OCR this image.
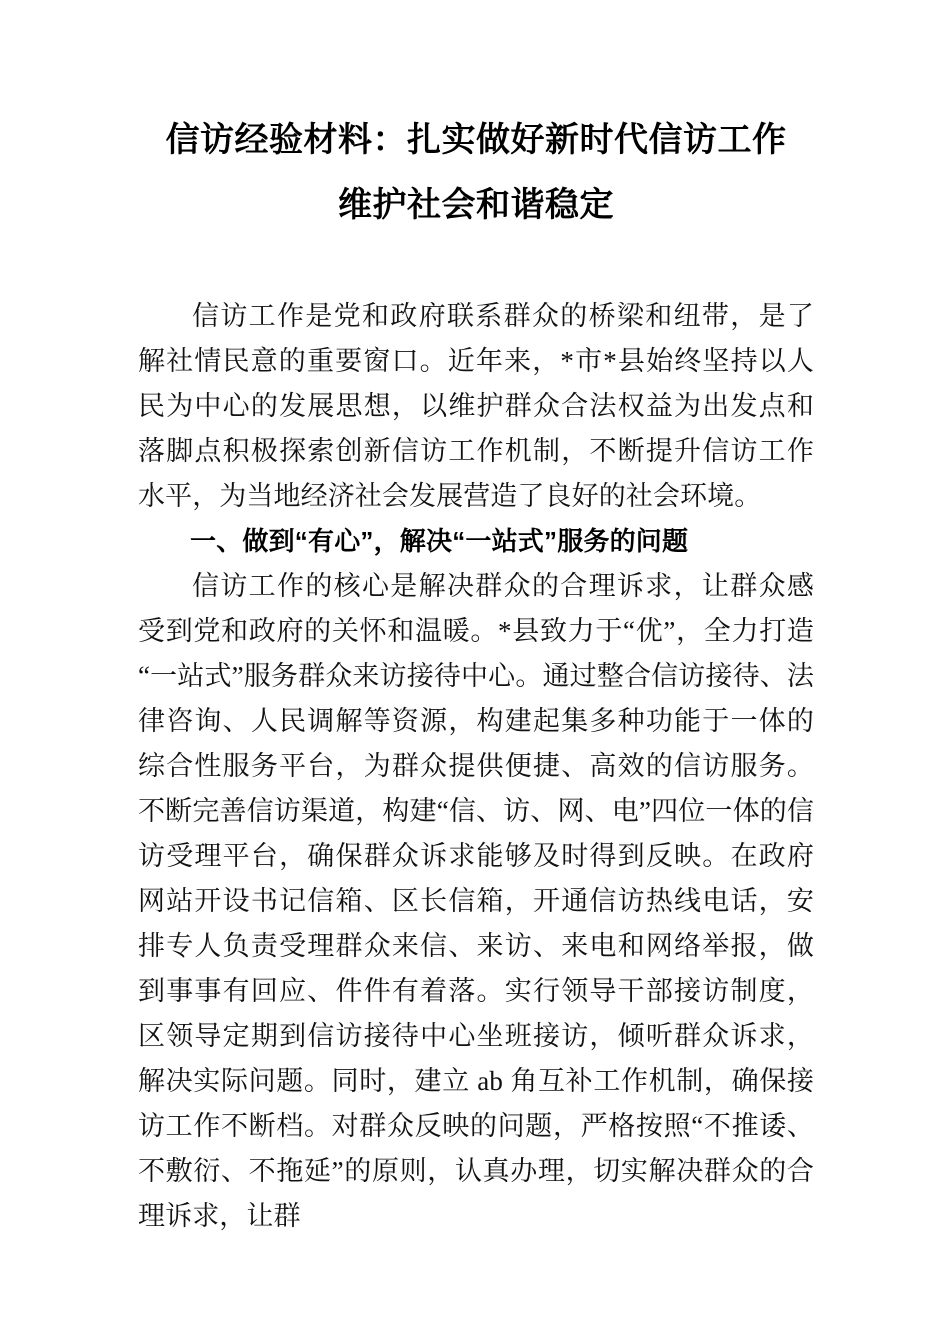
信访经验材料：扎实做好新时代信访工作
维护社会和谐稳定

信访工作是党和政府联系群众的桥梁和纽带，是了解社情民意的重要窗口。近年来，*市*县始终坚持以人民为中心的发展思想，以维护群众合法权益为出发点和落脚点积极探索创新信访工作机制，不断提升信访工作水平，为当地经济社会发展营造了良好的社会环境。

一、做到“有心”，解决“一站式”服务的问题

信访工作的核心是解决群众的合理诉求，让群众感受到党和政府的关怀和温暖。*县致力于“优”，全力打造“一站式”服务群众来访接待中心。通过整合信访接待、法律咨询、人民调解等资源，构建起集多种功能于一体的综合性服务平台，为群众提供便捷、高效的信访服务。不断完善信访渠道，构建“信、访、网、电”四位一体的信访受理平台，确保群众诉求能够及时得到反映。在政府网站开设书记信箱、区长信箱，开通信访热线电话，安排专人负责受理群众来信、来访、来电和网络举报，做到事事有回应、件件有着落。实行领导干部接访制度，区领导定期到信访接待中心坐班接访，倾听群众诉求，解决实际问题。同时，建立 ab 角互补工作机制，确保接访工作不断档。对群众反映的问题，严格按照“不推诿、不敷衍、不拖延”的原则，认真办理，切实解决群众的合理诉求，让群
